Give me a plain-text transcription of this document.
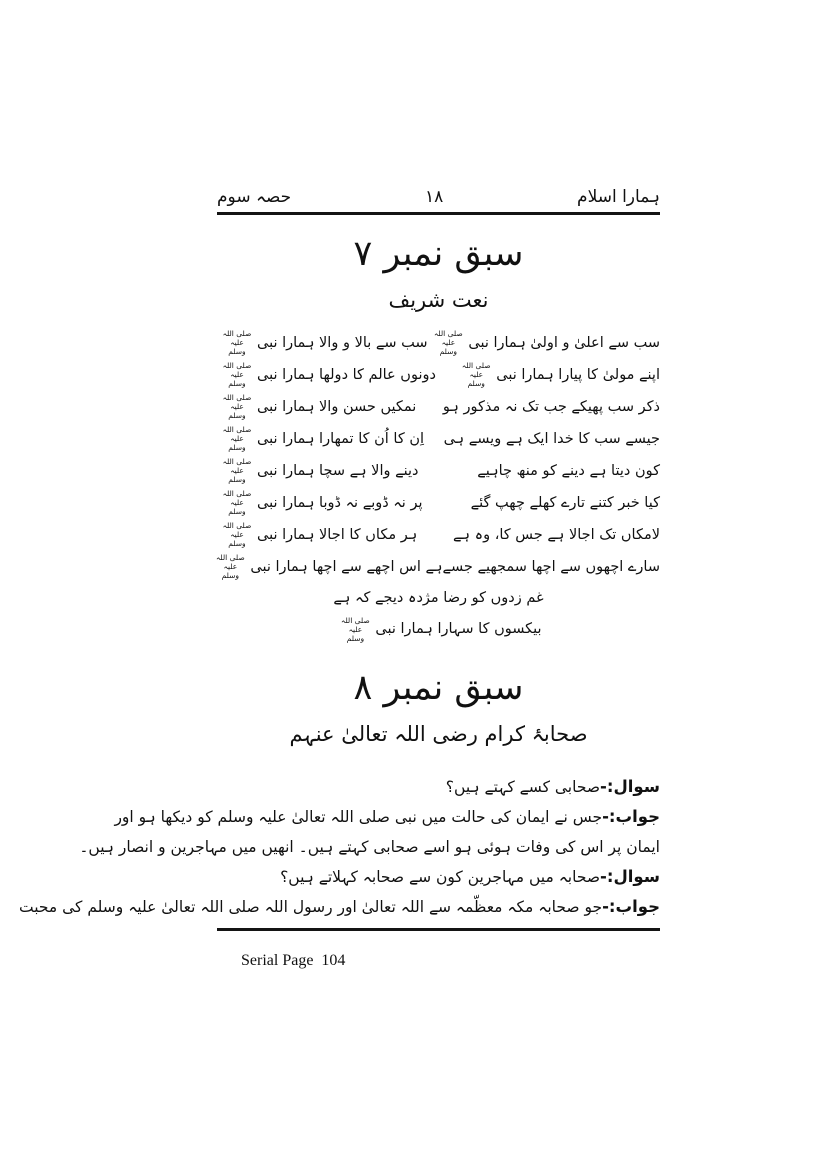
ہمارا اسلام
۱۸
حصہ سوم
سبق نمبر ۷
نعت شریف
سب سے اعلیٰ و اولیٰ ہمارا نبی
صلی اللہ علیہ وسلم
سب سے بالا و والا ہمارا نبی
صلی اللہ علیہ وسلم
اپنے مولیٰ کا پیارا ہمارا نبی
صلی اللہ علیہ وسلم
دونوں عالم کا دولھا ہمارا نبی
صلی اللہ علیہ وسلم
ذکر سب پھیکے جب تک نہ مذکور ہو
نمکیں حسن والا ہمارا نبی
صلی اللہ علیہ وسلم
جیسے سب کا خدا ایک ہے ویسے ہی
اِن کا اُن کا تمھارا ہمارا نبی
صلی اللہ علیہ وسلم
کون دیتا ہے دینے کو منھ چاہیے
دینے والا ہے سچا ہمارا نبی
صلی اللہ علیہ وسلم
کیا خبر کتنے تارے کھلے چھپ گئے
پر نہ ڈوبے نہ ڈوبا ہمارا نبی
صلی اللہ علیہ وسلم
لامکاں تک اجالا ہے جس کا، وہ ہے
ہر مکاں کا اجالا ہمارا نبی
صلی اللہ علیہ وسلم
سارے اچھوں سے اچھا سمجھیے جسے
ہے اس اچھے سے اچھا ہمارا نبی
صلی اللہ علیہ وسلم
غم زدوں کو رضا مژدہ دیجے کہ ہے
بیکسوں کا سہارا ہمارا نبی
صلی اللہ علیہ وسلم
سبق نمبر ۸
صحابۂ کرام رضی اللہ تعالیٰ عنہم
سوال:-صحابی کسے کہتے ہیں؟
جواب:-جس نے ایمان کی حالت میں نبی صلی اللہ تعالیٰ علیہ وسلم کو دیکھا ہو اور
ایمان پر اس کی وفات ہوئی ہو اسے صحابی کہتے ہیں۔ انھیں میں مہاجرین و انصار ہیں۔
سوال:-صحابہ میں مہاجرین کون سے صحابہ کہلاتے ہیں؟
جواب:-جو صحابہ مکہ معظّمہ سے اللہ تعالیٰ اور رسول اللہ صلی اللہ تعالیٰ علیہ وسلم کی محبت

Serial Page  104
